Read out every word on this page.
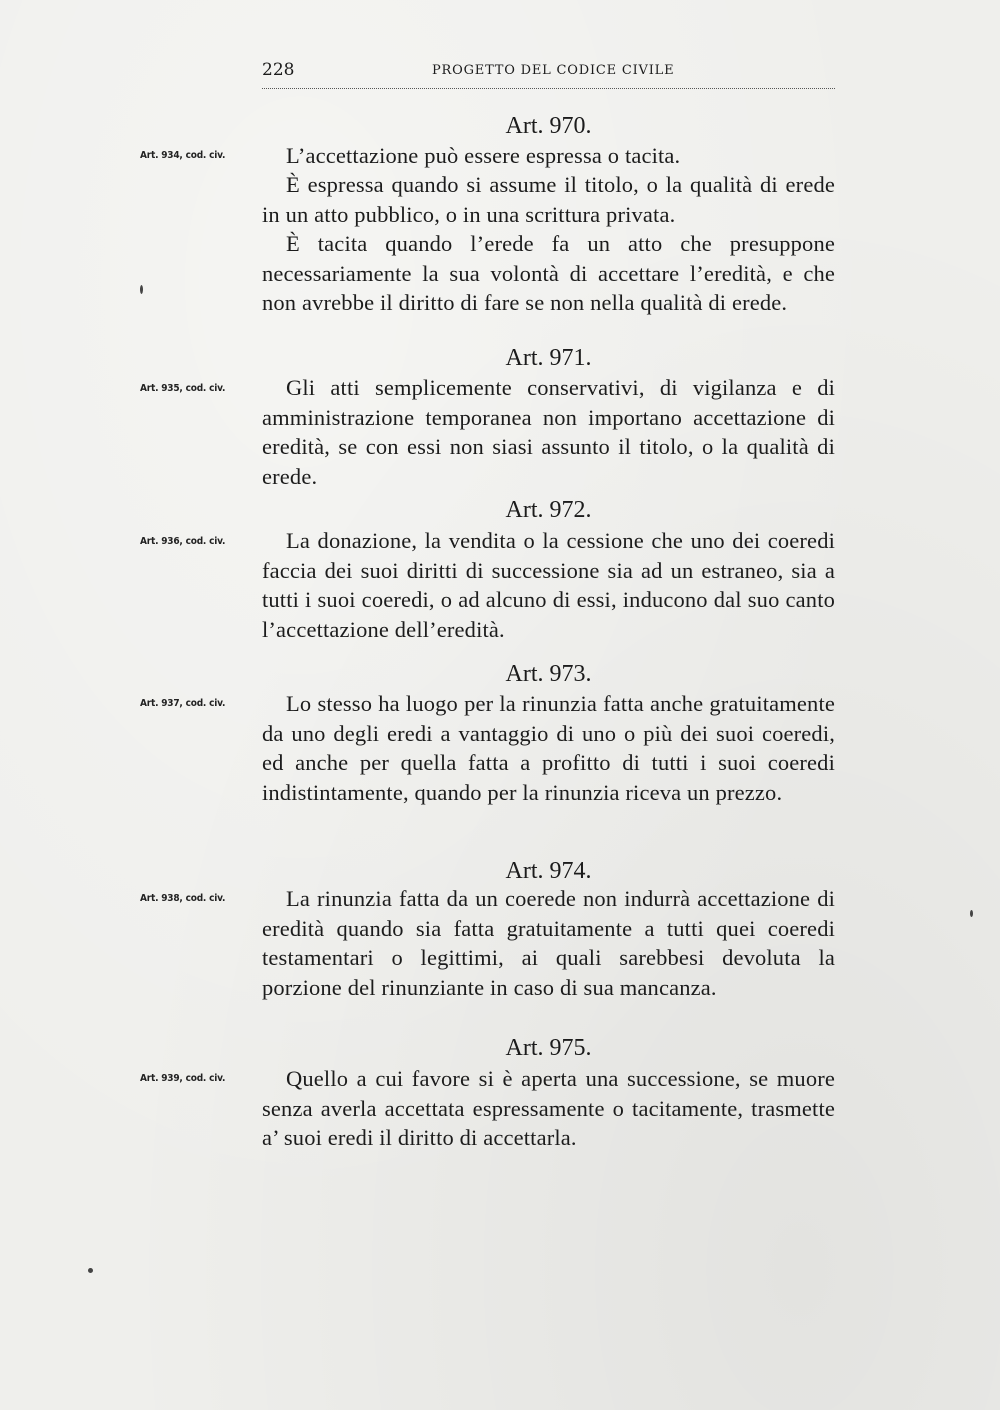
228	PROGETTO DEL CODICE CIVILE
Art. 970.
Art. 934, cod. civ.	L’accettazione può essere espressa o tacita.
È espressa quando si assume il titolo, o la qualità di erede in un atto pubblico, o in una scrittura privata.
È tacita quando l’erede fa un atto che presuppone necessariamente la sua volontà di accettare l’eredità, e che non avrebbe il diritto di fare se non nella qualità di erede.
Art. 971.
Art. 935, cod. civ.	Gli atti semplicemente conservativi, di vigilanza e di amministrazione temporanea non importano accettazione di eredità, se con essi non siasi assunto il titolo, o la qualità di erede.
Art. 972.
Art. 936, cod. civ.	La donazione, la vendita o la cessione che uno dei coeredi faccia dei suoi diritti di successione sia ad un estraneo, sia a tutti i suoi coeredi, o ad alcuno di essi, inducono dal suo canto l’accettazione dell’eredità.
Art. 973.
Art. 937, cod. civ.	Lo stesso ha luogo per la rinunzia fatta anche gratuitamente da uno degli eredi a vantaggio di uno o più dei suoi coeredi, ed anche per quella fatta a profitto di tutti i suoi coeredi indistintamente, quando per la rinunzia riceva un prezzo.
Art. 974.
Art. 938, cod. civ.	La rinunzia fatta da un coerede non indurrà accettazione di eredità quando sia fatta gratuitamente a tutti quei coeredi testamentari o legittimi, ai quali sarebbesi devoluta la porzione del rinunziante in caso di sua mancanza.
Art. 975.
Art. 939, cod. civ.	Quello a cui favore si è aperta una successione, se muore senza averla accettata espressamente o tacitamente, trasmette a’ suoi eredi il diritto di accettarla.
